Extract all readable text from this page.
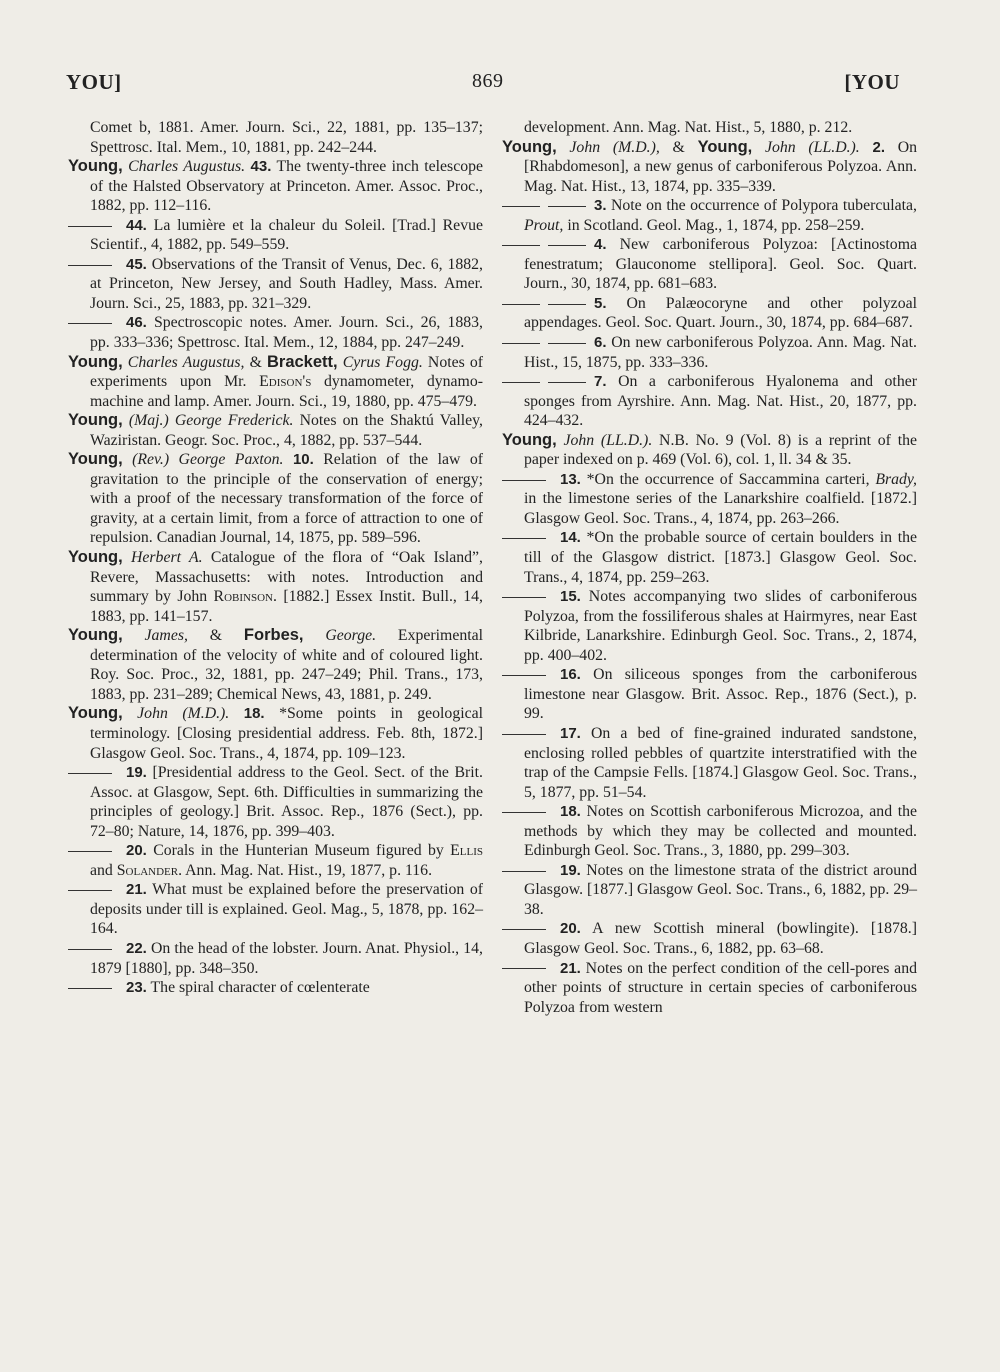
YOU]	869	[YOU

Comet b, 1881. Amer. Journ. Sci., 22, 1881, pp. 135–137; Spettrosc. Ital. Mem., 10, 1881, pp. 242–244.

Young, Charles Augustus. 43. The twenty-three inch telescope of the Halsted Observatory at Princeton. Amer. Assoc. Proc., 1882, pp. 112–116.

44. La lumière et la chaleur du Soleil. [Trad.] Revue Scientif., 4, 1882, pp. 549–559.

45. Observations of the Transit of Venus, Dec. 6, 1882, at Princeton, New Jersey, and South Hadley, Mass. Amer. Journ. Sci., 25, 1883, pp. 321–329.

46. Spectroscopic notes. Amer. Journ. Sci., 26, 1883, pp. 333–336; Spettrosc. Ital. Mem., 12, 1884, pp. 247–249.

Young, Charles Augustus, & Brackett, Cyrus Fogg. Notes of experiments upon Mr. Edison's dynamometer, dynamo-machine and lamp. Amer. Journ. Sci., 19, 1880, pp. 475–479.

Young, (Maj.) George Frederick. Notes on the Shaktú Valley, Waziristan. Geogr. Soc. Proc., 4, 1882, pp. 537–544.

Young, (Rev.) George Paxton. 10. Relation of the law of gravitation to the principle of the conservation of energy; with a proof of the necessary transformation of the force of gravity, at a certain limit, from a force of attraction to one of repulsion. Canadian Journal, 14, 1875, pp. 589–596.

Young, Herbert A. Catalogue of the flora of “Oak Island”, Revere, Massachusetts: with notes. Introduction and summary by John Robinson. [1882.] Essex Instit. Bull., 14, 1883, pp. 141–157.

Young, James, & Forbes, George. Experimental determination of the velocity of white and of coloured light. Roy. Soc. Proc., 32, 1881, pp. 247–249; Phil. Trans., 173, 1883, pp. 231–289; Chemical News, 43, 1881, p. 249.

Young, John (M.D.). 18. *Some points in geological terminology. [Closing presidential address. Feb. 8th, 1872.] Glasgow Geol. Soc. Trans., 4, 1874, pp. 109–123.

19. [Presidential address to the Geol. Sect. of the Brit. Assoc. at Glasgow, Sept. 6th. Difficulties in summarizing the principles of geology.] Brit. Assoc. Rep., 1876 (Sect.), pp. 72–80; Nature, 14, 1876, pp. 399–403.

20. Corals in the Hunterian Museum figured by Ellis and Solander. Ann. Mag. Nat. Hist., 19, 1877, p. 116.

21. What must be explained before the preservation of deposits under till is explained. Geol. Mag., 5, 1878, pp. 162–164.

22. On the head of the lobster. Journ. Anat. Physiol., 14, 1879 [1880], pp. 348–350.

23. The spiral character of cœlenterate

development. Ann. Mag. Nat. Hist., 5, 1880, p. 212.

Young, John (M.D.), & Young, John (LL.D.). 2. On [Rhabdomeson], a new genus of carboniferous Polyzoa. Ann. Mag. Nat. Hist., 13, 1874, pp. 335–339.

3. Note on the occurrence of Polypora tuberculata, Prout, in Scotland. Geol. Mag., 1, 1874, pp. 258–259.

4. New carboniferous Polyzoa: [Actinostoma fenestratum; Glauconome stellipora]. Geol. Soc. Quart. Journ., 30, 1874, pp. 681–683.

5. On Palæocoryne and other polyzoal appendages. Geol. Soc. Quart. Journ., 30, 1874, pp. 684–687.

6. On new carboniferous Polyzoa. Ann. Mag. Nat. Hist., 15, 1875, pp. 333–336.

7. On a carboniferous Hyalonema and other sponges from Ayrshire. Ann. Mag. Nat. Hist., 20, 1877, pp. 424–432.

Young, John (LL.D.). N.B. No. 9 (Vol. 8) is a reprint of the paper indexed on p. 469 (Vol. 6), col. 1, ll. 34 & 35.

13. *On the occurrence of Saccammina carteri, Brady, in the limestone series of the Lanarkshire coalfield. [1872.] Glasgow Geol. Soc. Trans., 4, 1874, pp. 263–266.

14. *On the probable source of certain boulders in the till of the Glasgow district. [1873.] Glasgow Geol. Soc. Trans., 4, 1874, pp. 259–263.

15. Notes accompanying two slides of carboniferous Polyzoa, from the fossiliferous shales at Hairmyres, near East Kilbride, Lanarkshire. Edinburgh Geol. Soc. Trans., 2, 1874, pp. 400–402.

16. On siliceous sponges from the carboniferous limestone near Glasgow. Brit. Assoc. Rep., 1876 (Sect.), p. 99.

17. On a bed of fine-grained indurated sandstone, enclosing rolled pebbles of quartzite interstratified with the trap of the Campsie Fells. [1874.] Glasgow Geol. Soc. Trans., 5, 1877, pp. 51–54.

18. Notes on Scottish carboniferous Microzoa, and the methods by which they may be collected and mounted. Edinburgh Geol. Soc. Trans., 3, 1880, pp. 299–303.

19. Notes on the limestone strata of the district around Glasgow. [1877.] Glasgow Geol. Soc. Trans., 6, 1882, pp. 29–38.

20. A new Scottish mineral (bowlingite). [1878.] Glasgow Geol. Soc. Trans., 6, 1882, pp. 63–68.

21. Notes on the perfect condition of the cell-pores and other points of structure in certain species of carboniferous Polyzoa from western
